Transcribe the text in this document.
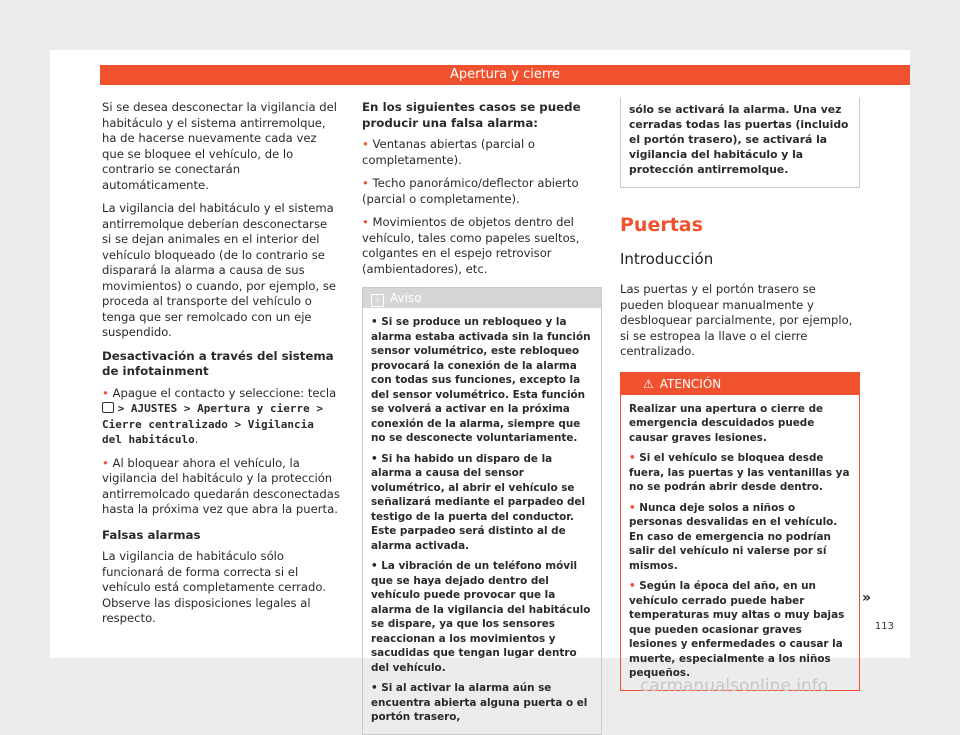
Apertura y cierre

Si se desea desconectar la vigilancia del habitáculo y el sistema antirremolque, ha de hacerse nuevamente cada vez que se bloquee el vehículo, de lo contrario se conectarán automáticamente.

La vigilancia del habitáculo y el sistema antirremolque deberían desconectarse si se dejan animales en el interior del vehículo bloqueado (de lo contrario se disparará la alarma a causa de sus movimientos) o cuando, por ejemplo, se proceda al transporte del vehículo o tenga que ser remolcado con un eje suspendido.

Desactivación a través del sistema de infotainment

• Apague el contacto y seleccione: tecla  > AJUSTES > Apertura y cierre > Cierre centralizado > Vigilancia del habitáculo.

• Al bloquear ahora el vehículo, la vigilancia del habitáculo y la protección antirremolcado quedarán desconectadas hasta la próxima vez que abra la puerta.

Falsas alarmas

La vigilancia de habitáculo sólo funcionará de forma correcta si el vehículo está completamente cerrado. Observe las disposiciones legales al respecto.

En los siguientes casos se puede producir una falsa alarma:

• Ventanas abiertas (parcial o completamente).

• Techo panorámico/deflector abierto (parcial o completamente).

• Movimientos de objetos dentro del vehículo, tales como papeles sueltos, colgantes en el espejo retrovisor (ambientadores), etc.

i Aviso

• Si se produce un rebloqueo y la alarma estaba activada sin la función sensor volumétrico, este rebloqueo provocará la conexión de la alarma con todas sus funciones, excepto la del sensor volumétrico. Esta función se volverá a activar en la próxima conexión de la alarma, siempre que no se desconecte voluntariamente.

• Si ha habido un disparo de la alarma a causa del sensor volumétrico, al abrir el vehículo se señalizará mediante el parpadeo del testigo de la puerta del conductor. Este parpadeo será distinto al de alarma activada.

• La vibración de un teléfono móvil que se haya dejado dentro del vehículo puede provocar que la alarma de la vigilancia del habitáculo se dispare, ya que los sensores reaccionan a los movimientos y sacudidas que tengan lugar dentro del vehículo.

• Si al activar la alarma aún se encuentra abierta alguna puerta o el portón trasero,

sólo se activará la alarma. Una vez cerradas todas las puertas (incluido el portón trasero), se activará la vigilancia del habitáculo y la protección antirremolque.

Puertas
Introducción

Las puertas y el portón trasero se pueden bloquear manualmente y desbloquear parcialmente, por ejemplo, si se estropea la llave o el cierre centralizado.

⚠ ATENCIÓN

Realizar una apertura o cierre de emergencia descuidados puede causar graves lesiones.

• Si el vehículo se bloquea desde fuera, las puertas y las ventanillas ya no se podrán abrir desde dentro.

• Nunca deje solos a niños o personas desvalidas en el vehículo. En caso de emergencia no podrían salir del vehículo ni valerse por sí mismos.

• Según la época del año, en un vehículo cerrado puede haber temperaturas muy altas o muy bajas que pueden ocasionar graves lesiones y enfermedades o causar la muerte, especialmente a los niños pequeños.

»
113
carmanualsonline.info
